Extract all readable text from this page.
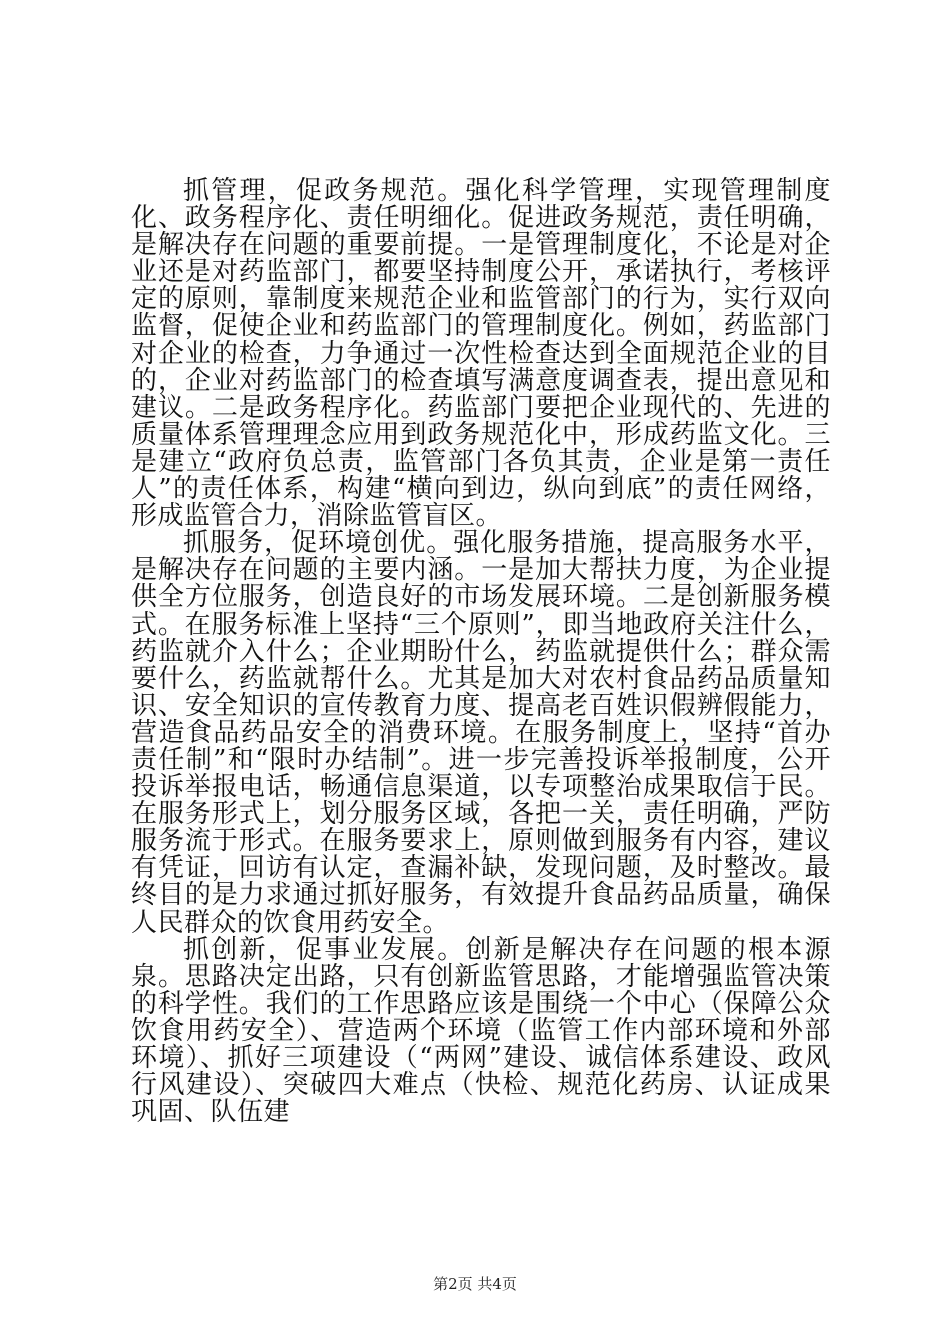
抓管理，促政务规范。强化科学管理，实现管理制度化、政务程序化、责任明细化。促进政务规范，责任明确，是解决存在问题的重要前提。一是管理制度化，不论是对企业还是对药监部门，都要坚持制度公开，承诺执行，考核评定的原则，靠制度来规范企业和监管部门的行为，实行双向监督，促使企业和药监部门的管理制度化。例如，药监部门对企业的检查，力争通过一次性检查达到全面规范企业的目的，企业对药监部门的检查填写满意度调查表，提出意见和建议。二是政务程序化。药监部门要把企业现代的、先进的质量体系管理理念应用到政务规范化中，形成药监文化。三是建立“政府负总责，监管部门各负其责，企业是第一责任人”的责任体系，构建“横向到边，纵向到底”的责任网络，形成监管合力，消除监管盲区。

抓服务，促环境创优。强化服务措施，提高服务水平，是解决存在问题的主要内涵。一是加大帮扶力度，为企业提供全方位服务，创造良好的市场发展环境。二是创新服务模式。在服务标准上坚持“三个原则”，即当地政府关注什么，药监就介入什么；企业期盼什么，药监就提供什么；群众需要什么，药监就帮什么。尤其是加大对农村食品药品质量知识、安全知识的宣传教育力度、提高老百姓识假辨假能力，营造食品药品安全的消费环境。在服务制度上，坚持“首办责任制”和“限时办结制”。进一步完善投诉举报制度，公开投诉举报电话，畅通信息渠道，以专项整治成果取信于民。在服务形式上，划分服务区域，各把一关，责任明确，严防服务流于形式。在服务要求上，原则做到服务有内容，建议有凭证，回访有认定，查漏补缺，发现问题，及时整改。最终目的是力求通过抓好服务，有效提升食品药品质量，确保人民群众的饮食用药安全。

抓创新，促事业发展。创新是解决存在问题的根本源泉。思路决定出路，只有创新监管思路，才能增强监管决策的科学性。我们的工作思路应该是围绕一个中心（保障公众饮食用药安全）、营造两个环境（监管工作内部环境和外部环境）、抓好三项建设（“两网”建设、诚信体系建设、政风行风建设）、突破四大难点（快检、规范化药房、认证成果巩固、队伍建

第2页 共4页
